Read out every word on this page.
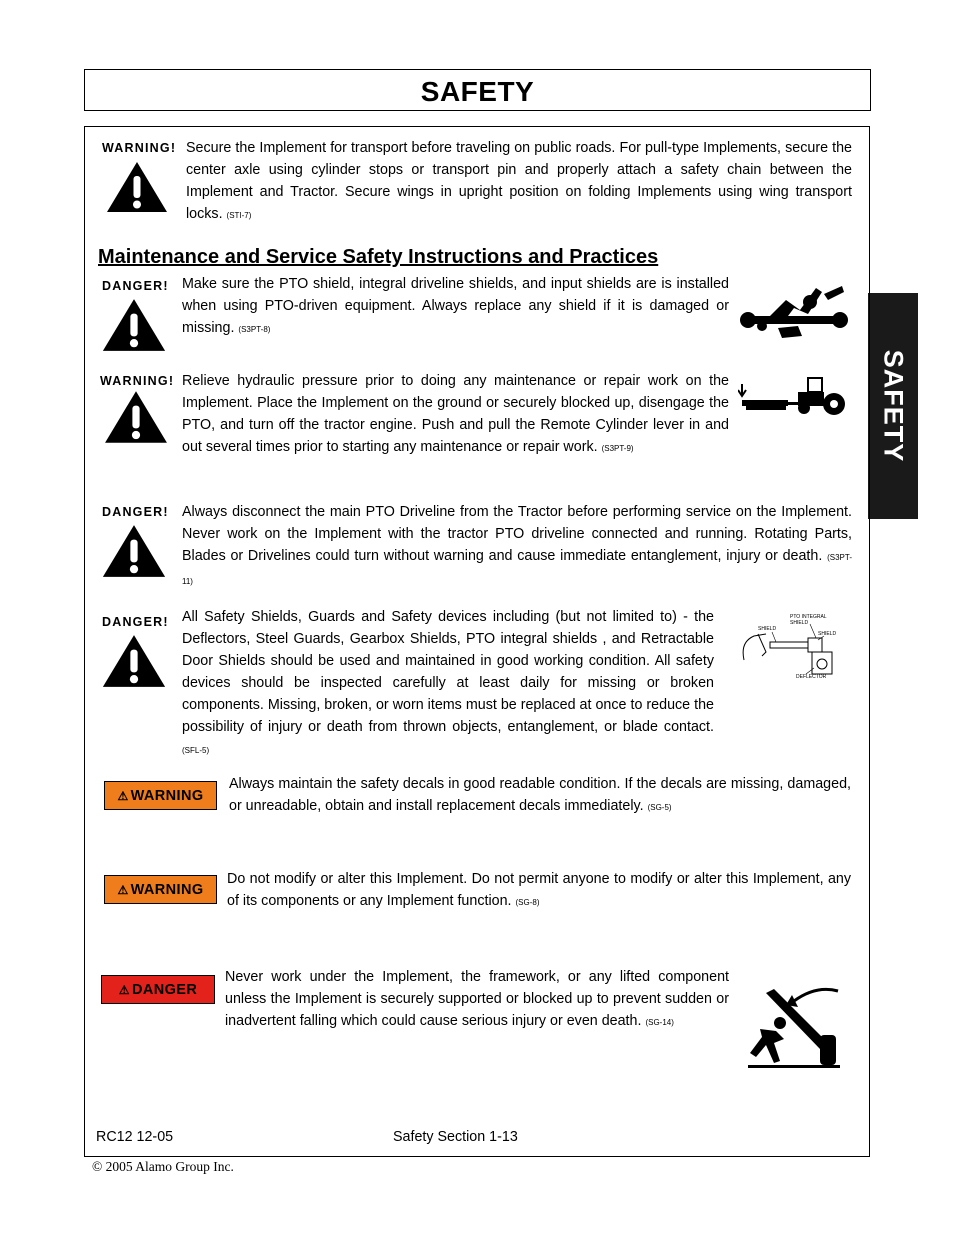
SAFETY
SAFETY
WARNING! Secure the Implement for transport before traveling on public roads. For pull-type Implements, secure the center axle using cylinder stops or transport pin and properly attach a safety chain between the Implement and Tractor. Secure wings in upright position on folding Implements using wing transport locks. (STI-7)
Maintenance and Service Safety Instructions and Practices
DANGER! Make sure the PTO shield, integral driveline shields, and input shields are is installed when using PTO-driven equipment. Always replace any shield if it is damaged or missing. (S3PT-8)
WARNING! Relieve hydraulic pressure prior to doing any maintenance or repair work on the Implement. Place the Implement on the ground or securely blocked up, disengage the PTO, and turn off the tractor engine. Push and pull the Remote Cylinder lever in and out several times prior to starting any maintenance or repair work. (S3PT-9)
DANGER! Always disconnect the main PTO Driveline from the Tractor before performing service on the Implement. Never work on the Implement with the tractor PTO driveline connected and running. Rotating Parts, Blades or Drivelines could turn without warning and cause immediate entanglement, injury or death. (S3PT-11)
DANGER! All Safety Shields, Guards and Safety devices including (but not limited to) - the Deflectors, Steel Guards, Gearbox Shields, PTO integral shields , and Retractable Door Shields should be used and maintained in good working condition. All safety devices should be inspected carefully at least daily for missing or broken components. Missing, broken, or worn items must be replaced at once to reduce the possibility of injury or death from thrown objects, entanglement, or blade contact. (SFL-5)
PTO INTEGRAL SHIELD
SHIELD
SHIELD
DEFLECTOR
⚠ WARNING
Always maintain the safety decals in good readable condition. If the decals are missing, damaged, or unreadable, obtain and install replacement decals immediately. (SG-5)
⚠ WARNING
Do not modify or alter this Implement. Do not permit anyone to modify or alter this Implement, any of its components or any Implement function. (SG-8)
⚠ DANGER
Never work under the Implement, the framework, or any lifted component unless the Implement is securely supported or blocked up to prevent sudden or inadvertent falling which could cause serious injury or even death. (SG-14)
RC12 12-05	Safety Section 1-13
© 2005 Alamo Group Inc.
